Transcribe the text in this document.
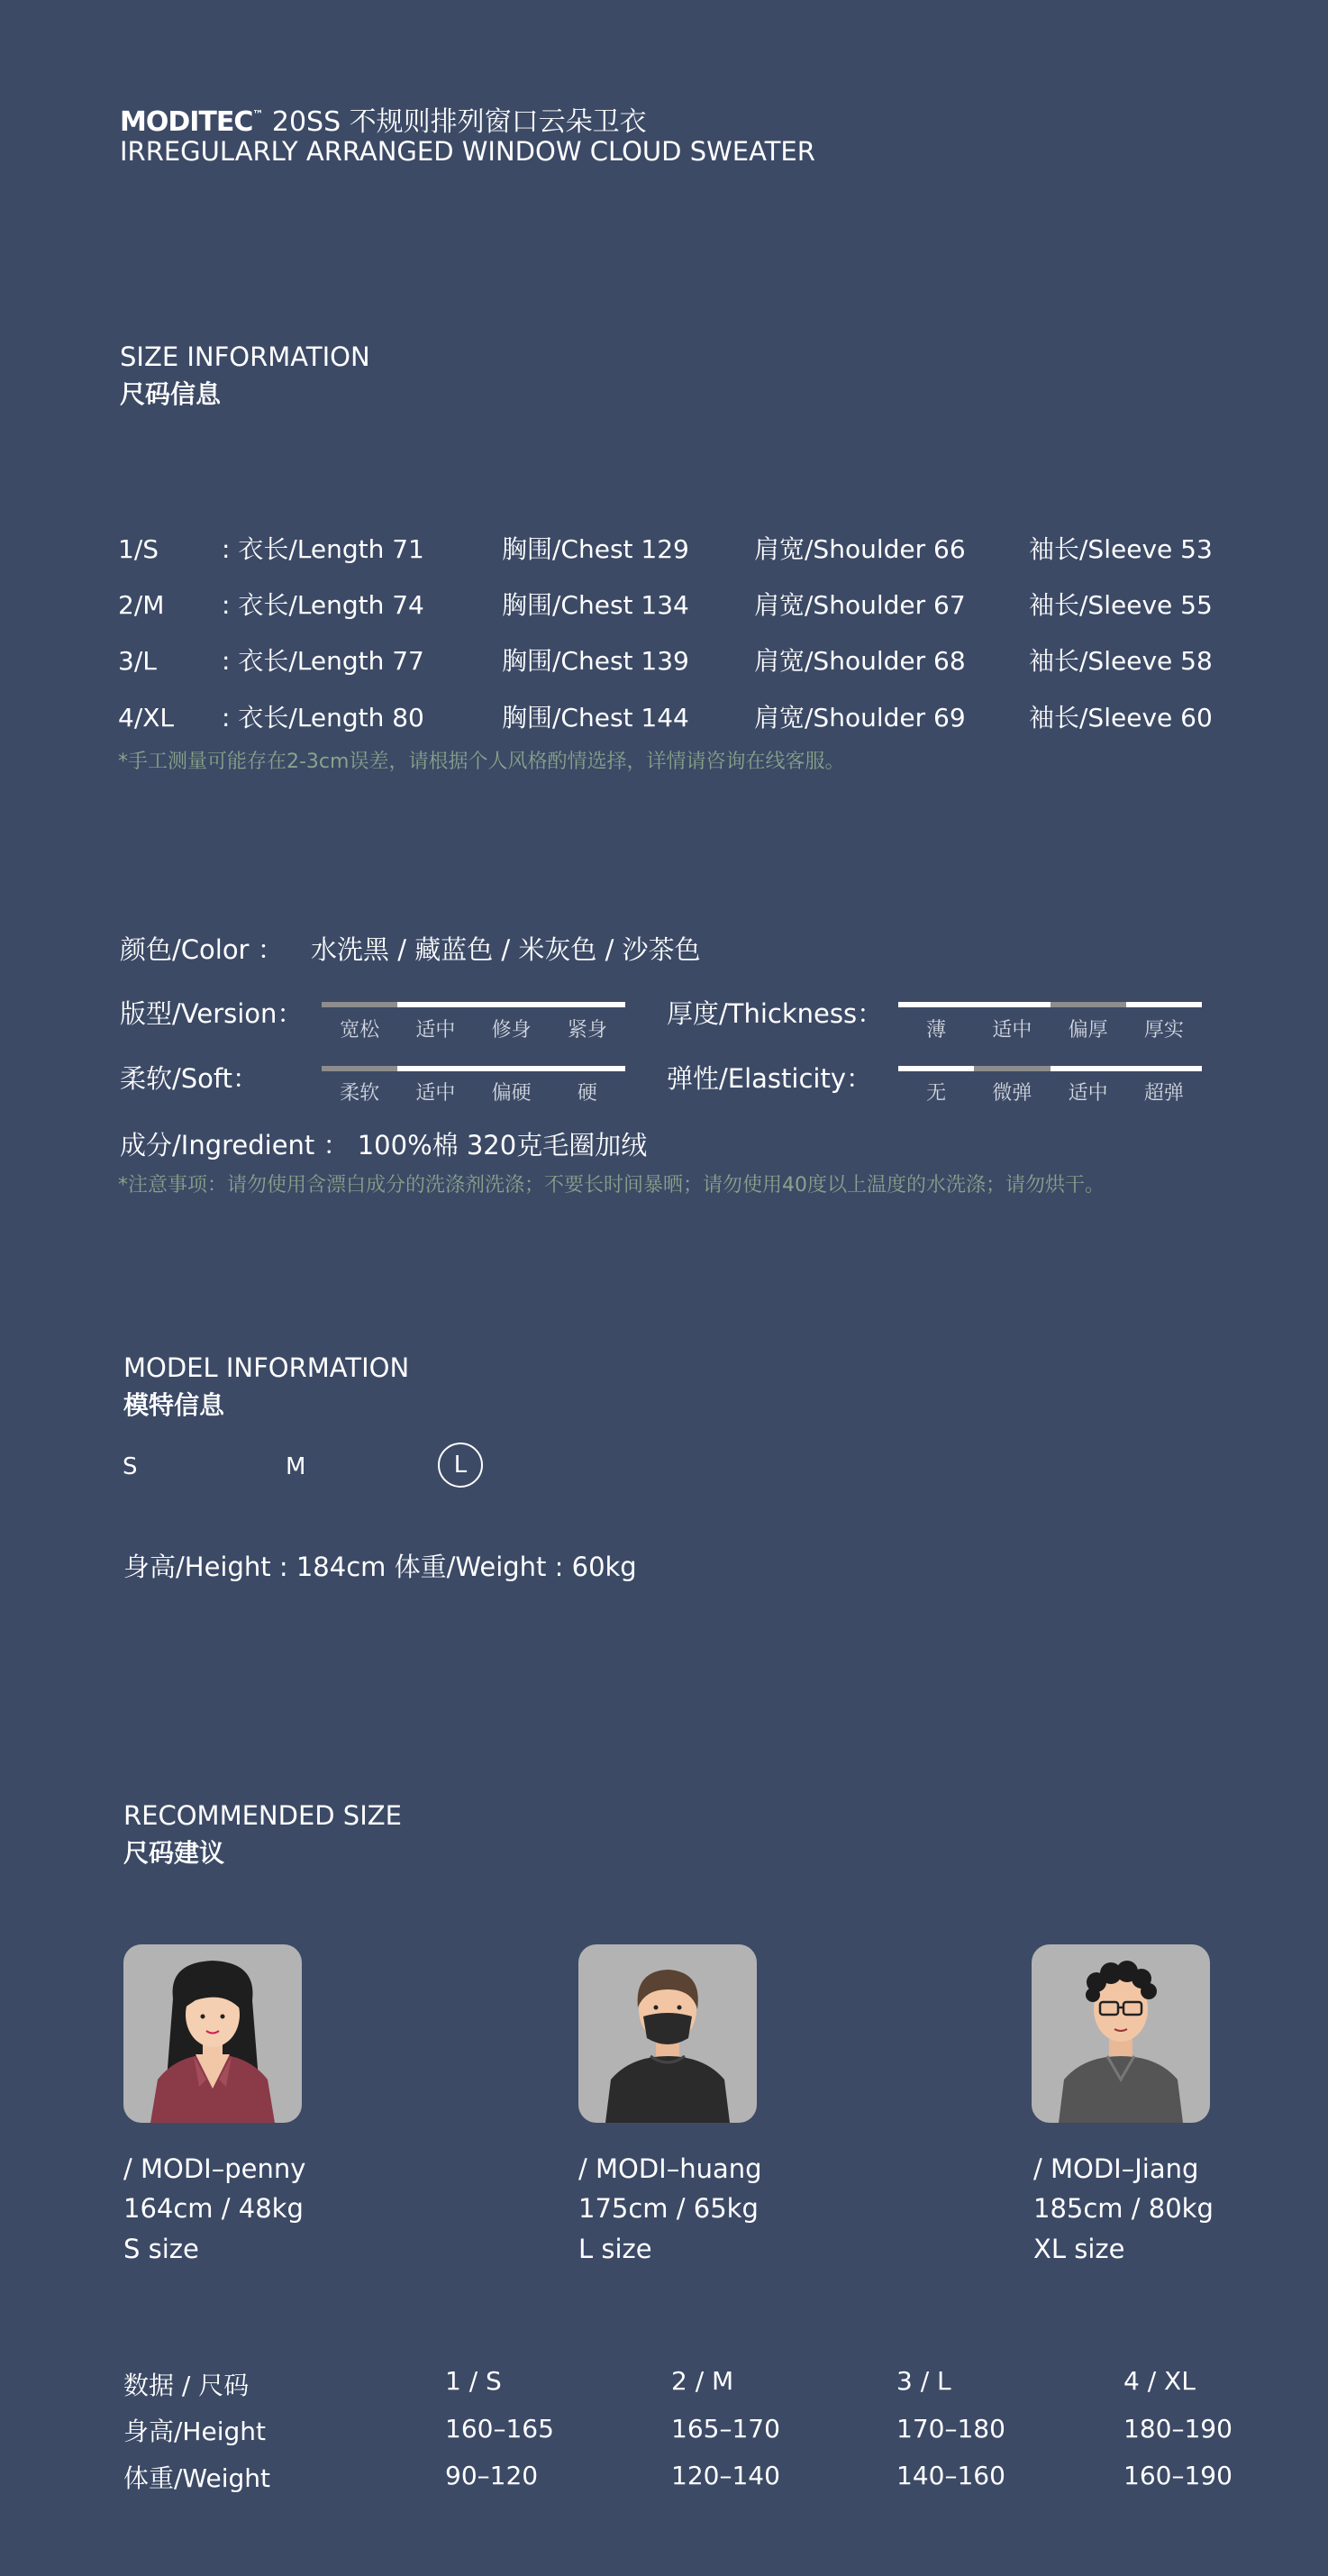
MODITEC™ 20SS 不规则排列窗口云朵卫衣
IRREGULARLY ARRANGED WINDOW CLOUD SWEATER
SIZE INFORMATION
尺码信息
1/S : 衣长/Length 71	胸围/Chest 129	肩宽/Shoulder 66	袖长/Sleeve 53
2/M : 衣长/Length 74	胸围/Chest 134	肩宽/Shoulder 67	袖长/Sleeve 55
3/L	: 衣长/Length 77	胸围/Chest 139	肩宽/Shoulder 68	袖长/Sleeve 58
4/XL : 衣长/Length 80	胸围/Chest 144	肩宽/Shoulder 69	袖长/Sleeve 60
*手工测量可能存在2-3cm误差，请根据个人风格酌情选择，详情请咨询在线客服。
颜色/Color ： 水洗黑 / 藏蓝色 / 米灰色 / 沙茶色
版型/Version：
宽松	适中	修身	紧身
厚度/Thickness：
薄	适中	偏厚	厚实
柔软/Soft：	柔软	适中	偏硬	硬	弹性/Elasticity：	无	微弹	适中	超弹
成分/Ingredient ： 100%棉 320克毛圈加绒
*注意事项：请勿使用含漂白成分的洗涤剂洗涤；不要长时间暴晒；请勿使用40度以上温度的水洗涤；请勿烘干。
MODEL INFORMATION
模特信息
S	M	L
身高/Height : 184cm 体重/Weight : 60kg
RECOMMENDED SIZE
尺码建议
/ MODI–penny
164cm / 48kg
S size
/ MODI–huang
175cm / 65kg
L size
/ MODI–Jiang
185cm / 80kg
XL size
数据 / 尺码	1 / S	2 / M	3 / L	4 / XL
身高/Height	160–165	165–170	170–180	180–190
体重/Weight	90–120	120–140	140–160	160–190
